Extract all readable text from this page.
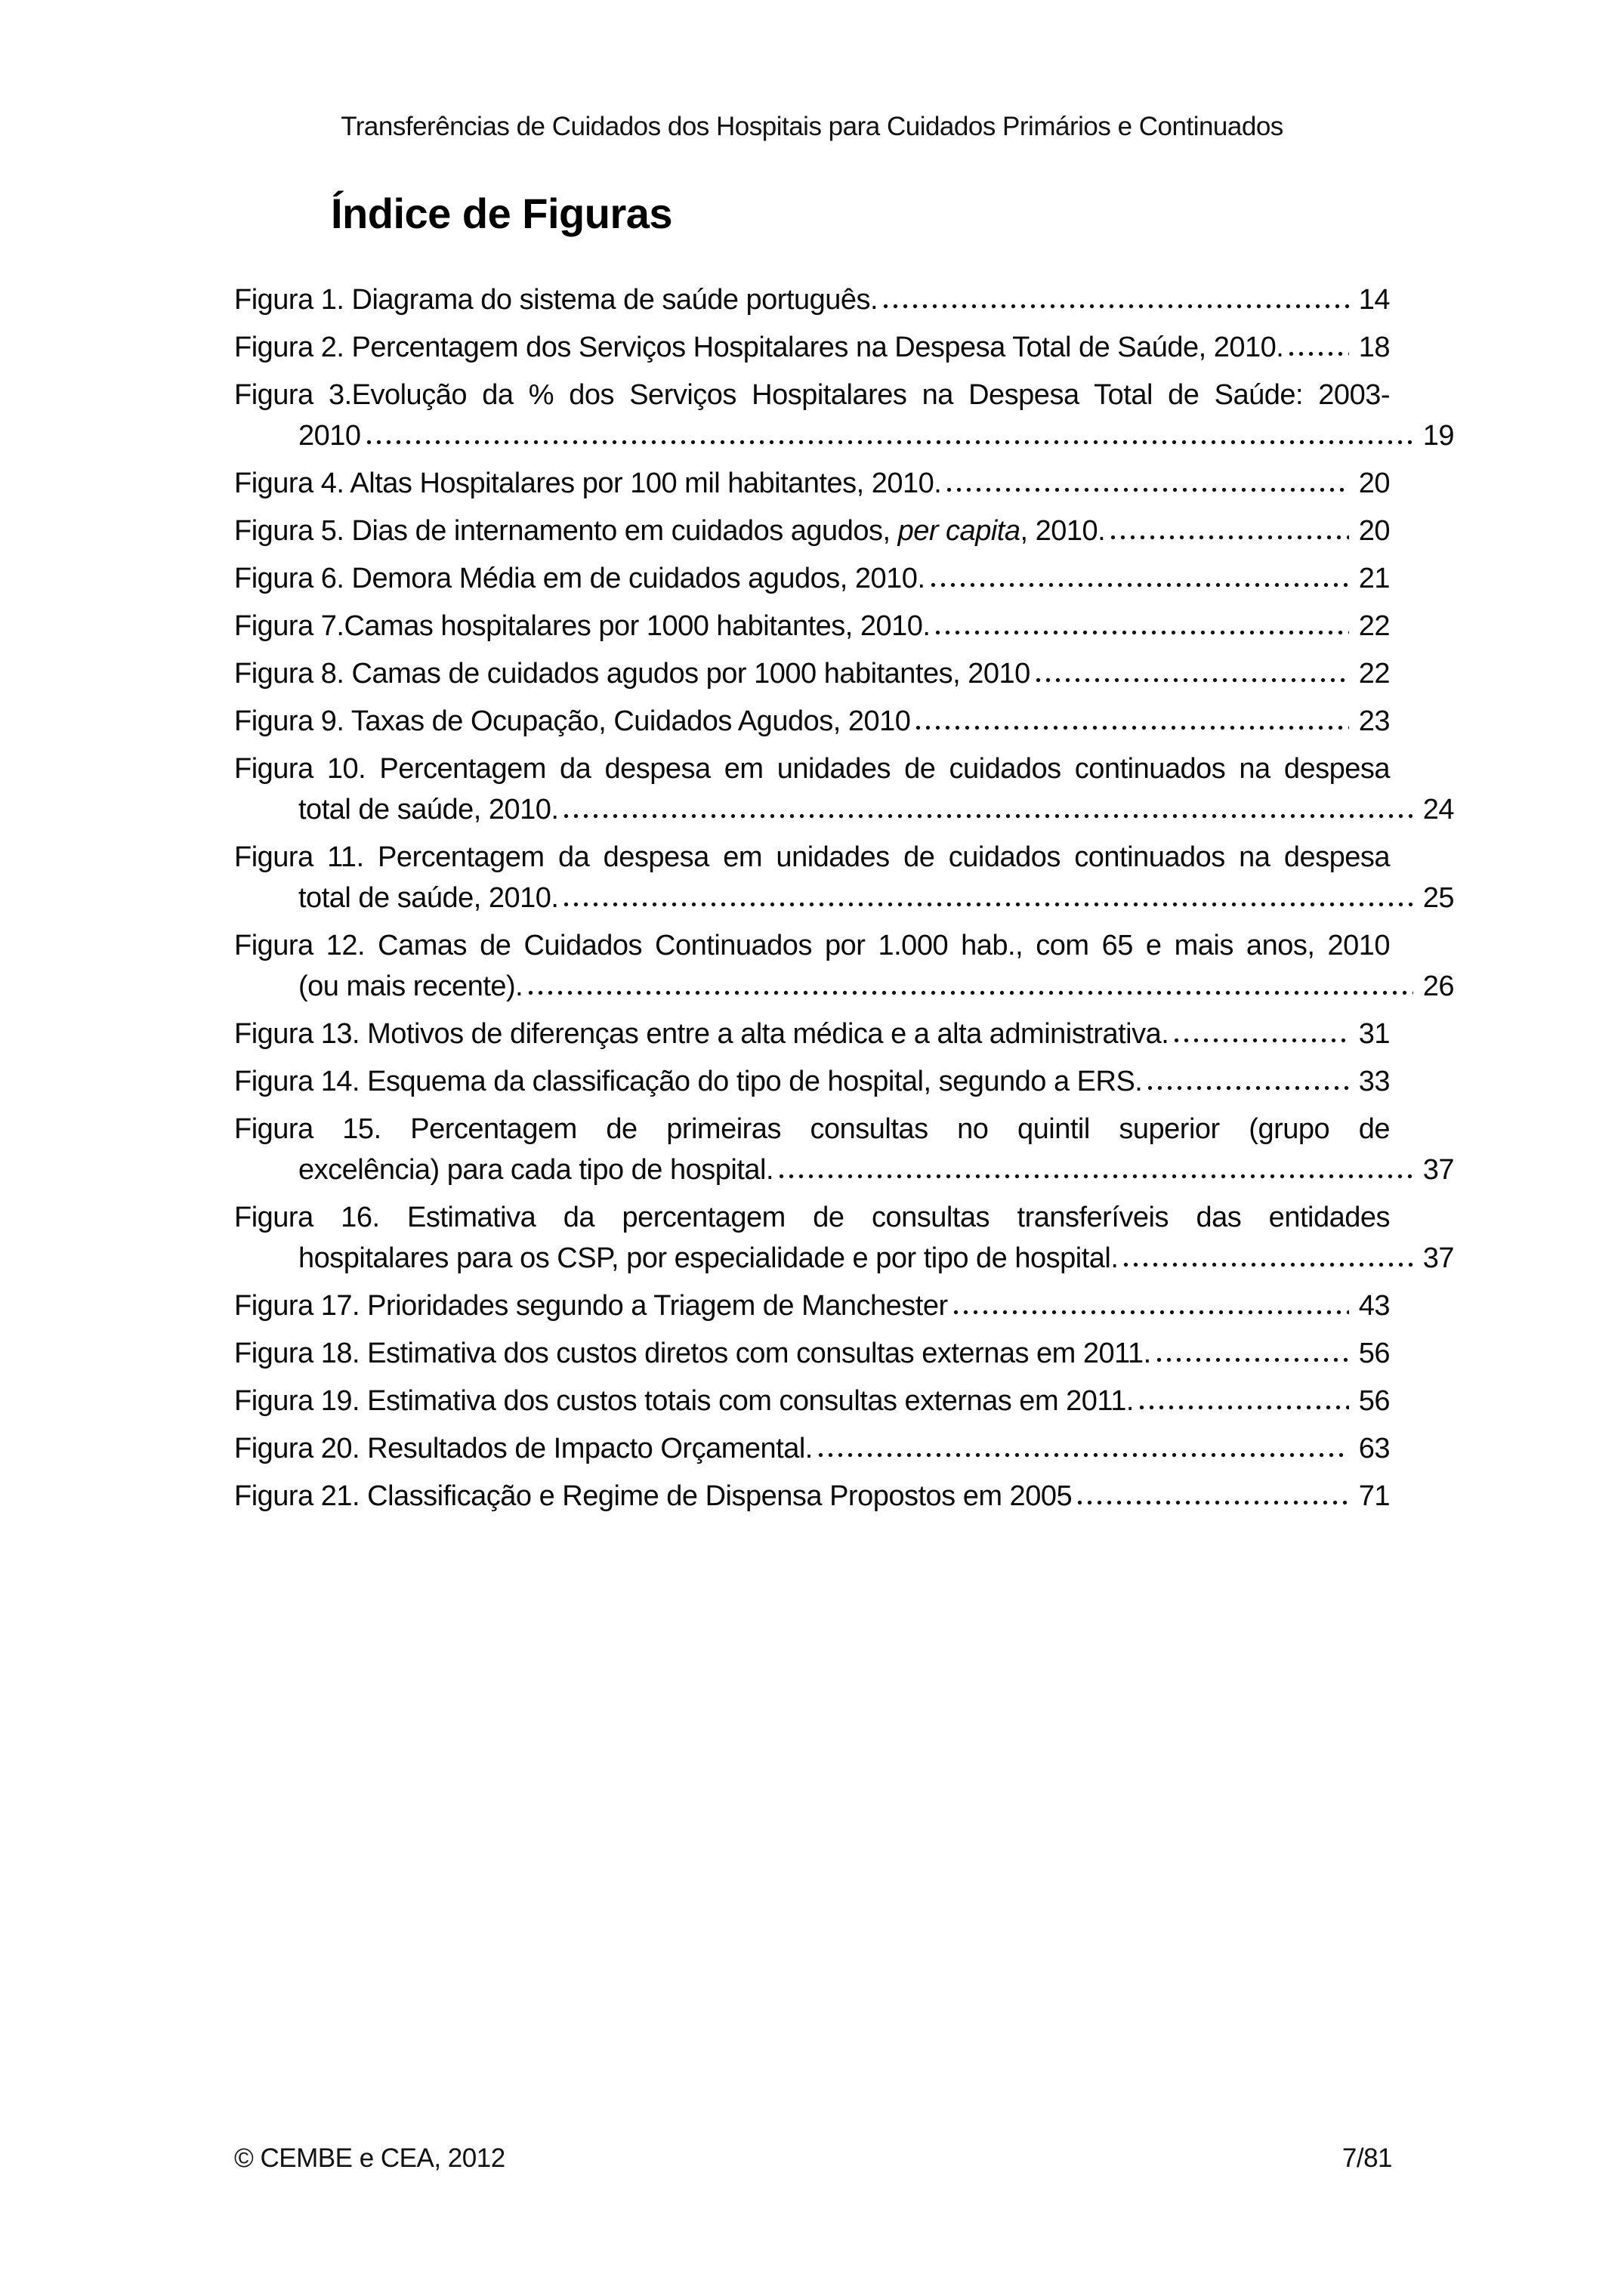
Transferências de Cuidados dos Hospitais para Cuidados Primários e Continuados
Índice de Figuras
Figura 1. Diagrama do sistema de saúde português.	14
Figura 2. Percentagem dos Serviços Hospitalares na Despesa Total de Saúde, 2010.	18
Figura 3.Evolução da % dos Serviços Hospitalares na Despesa Total de Saúde: 2003-
2010	19
Figura 4. Altas Hospitalares por 100 mil habitantes, 2010.	20
Figura 5. Dias de internamento em cuidados agudos, per capita, 2010.	20
Figura 6. Demora Média em de cuidados agudos, 2010.	21
Figura 7.Camas hospitalares por 1000 habitantes, 2010.	22
Figura 8. Camas de cuidados agudos por 1000 habitantes, 2010	22
Figura 9. Taxas de Ocupação, Cuidados Agudos, 2010	23
Figura 10. Percentagem da despesa em unidades de cuidados continuados na despesa
total de saúde, 2010.	24
Figura 11. Percentagem da despesa em unidades de cuidados continuados na despesa
total de saúde, 2010.	25
Figura 12. Camas de Cuidados Continuados por 1.000 hab., com 65 e mais anos, 2010
(ou mais recente).	26
Figura 13. Motivos de diferenças entre a alta médica e a alta administrativa.	31
Figura 14. Esquema da classificação do tipo de hospital, segundo a ERS.	33
Figura 15. Percentagem de primeiras consultas no quintil superior (grupo de
excelência) para cada tipo de hospital.	37
Figura 16. Estimativa da percentagem de consultas transferíveis das entidades
hospitalares para os CSP, por especialidade e por tipo de hospital.	37
Figura 17. Prioridades segundo a Triagem de Manchester	43
Figura 18. Estimativa dos custos diretos com consultas externas em 2011.	56
Figura 19. Estimativa dos custos totais com consultas externas em 2011.	56
Figura 20. Resultados de Impacto Orçamental.	63
Figura 21. Classificação e Regime de Dispensa Propostos em 2005	71
© CEMBE e CEA, 2012	7/81
